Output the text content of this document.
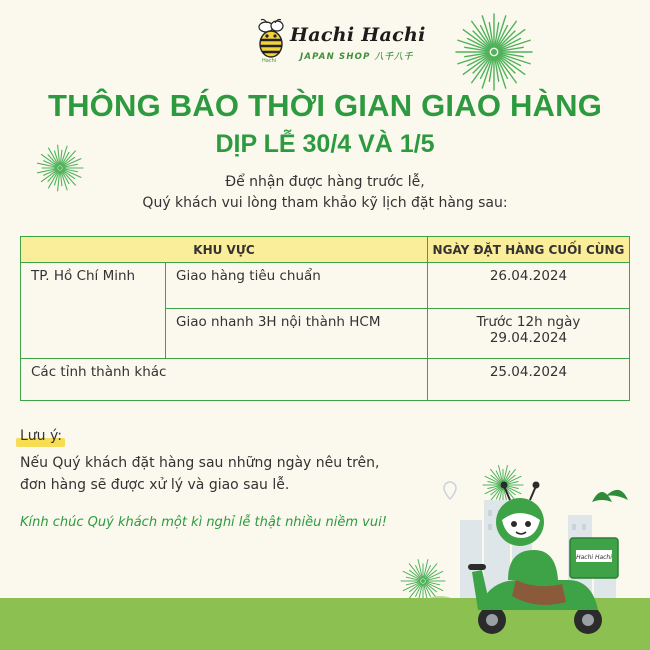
Hachi
Hachi Hachi
JAPAN SHOP 八千八千
THÔNG BÁO THỜI GIAN GIAO HÀNG
DỊP LỄ 30/4 VÀ 1/5
Để nhận được hàng trước lễ,
Quý khách vui lòng tham khảo kỹ lịch đặt hàng sau:
KHU VỰC		NGÀY ĐẶT HÀNG CUỐI CÙNG
TP. Hồ Chí Minh	Giao hàng tiêu chuẩn	26.04.2024
	Giao nhanh 3H nội thành HCM	Trước 12h ngày
29.04.2024

Các tỉnh thành khác		25.04.2024
Lưu ý:
Nếu Quý khách đặt hàng sau những ngày nêu trên,
đơn hàng sẽ được xử lý và giao sau lễ.
Kính chúc Quý khách một kì nghỉ lễ thật nhiều niềm vui!
Hachi Hachi
